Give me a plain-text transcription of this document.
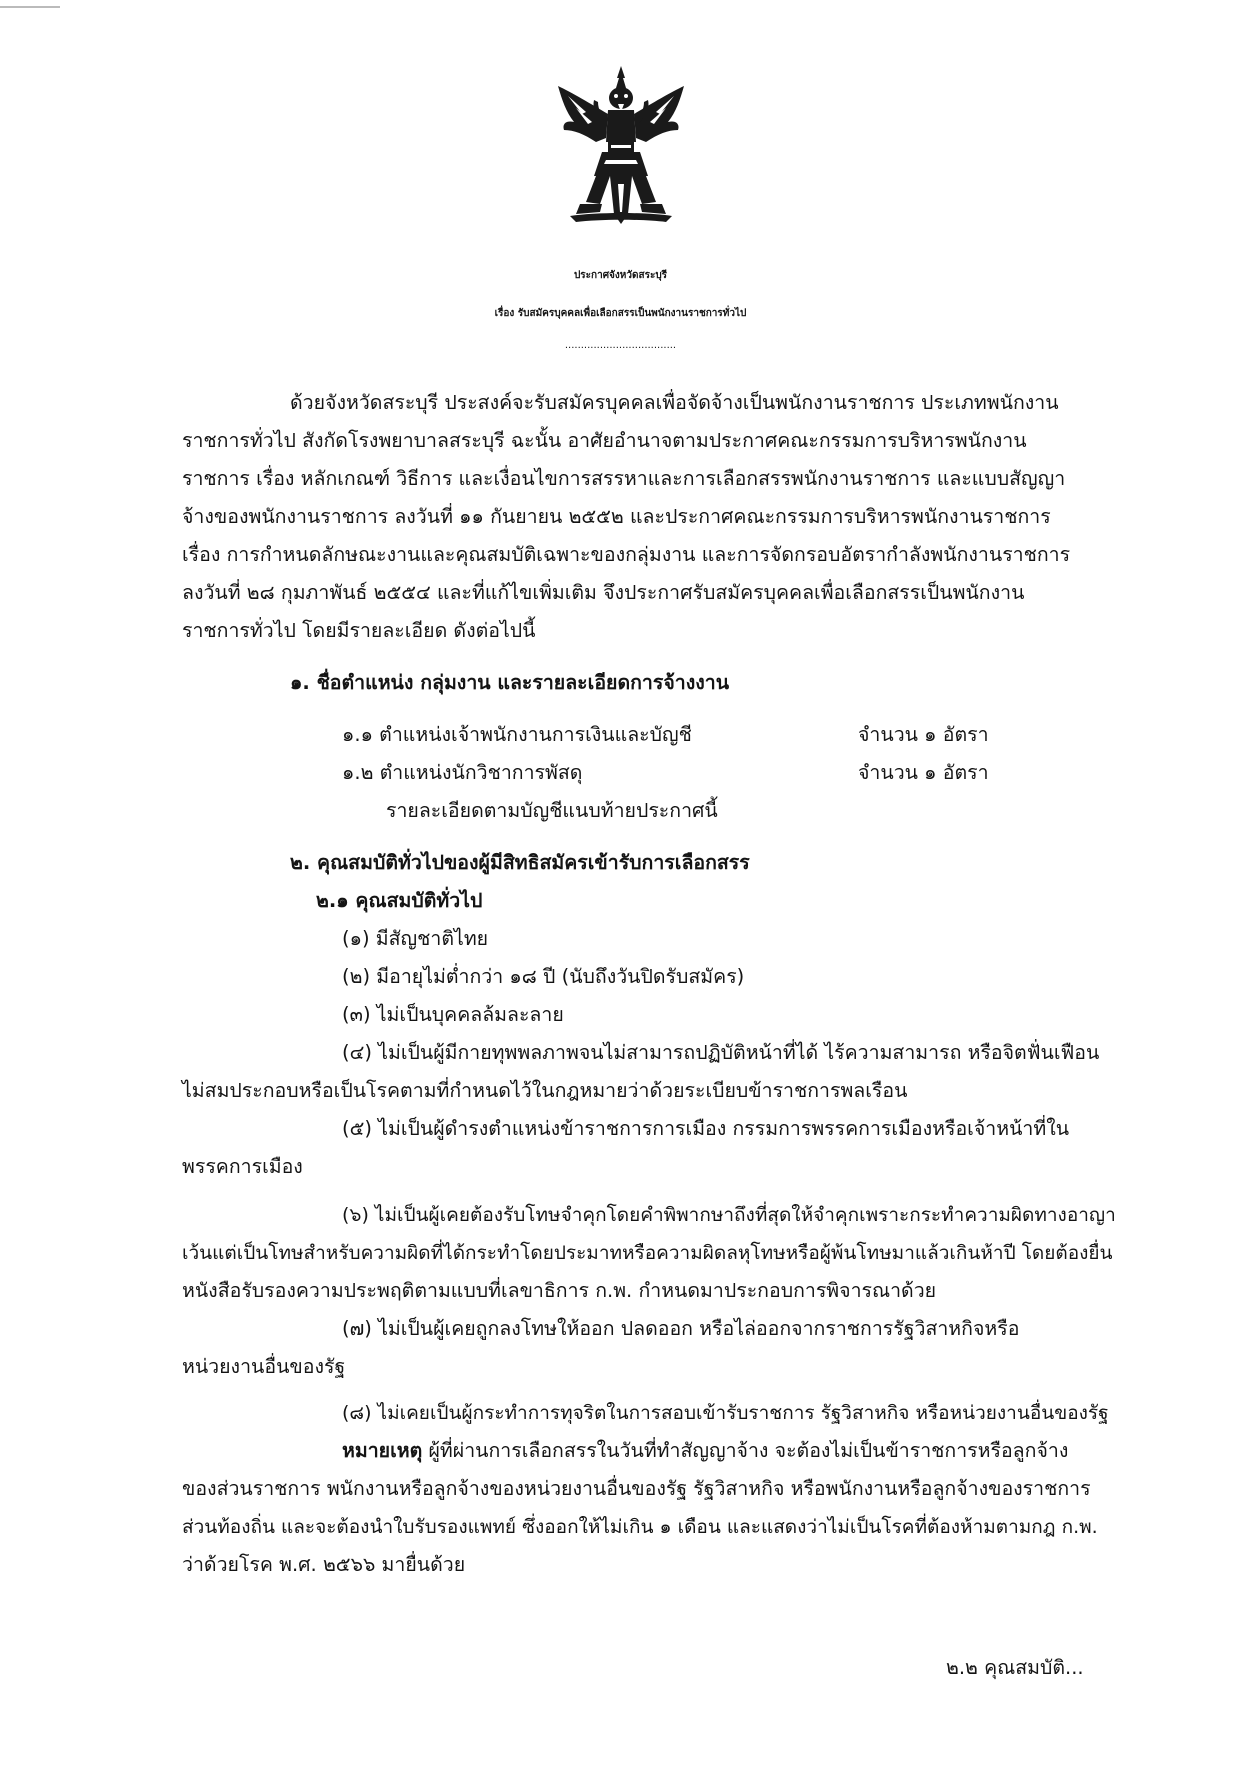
ประกาศจังหวัดสระบุรี
เรื่อง รับสมัครบุคคลเพื่อเลือกสรรเป็นพนักงานราชการทั่วไป
...................................
ด้วยจังหวัดสระบุรี ประสงค์จะรับสมัครบุคคลเพื่อจัดจ้างเป็นพนักงานราชการ ประเภทพนักงาน
ราชการทั่วไป สังกัดโรงพยาบาลสระบุรี ฉะนั้น อาศัยอำนาจตามประกาศคณะกรรมการบริหารพนักงาน
ราชการ เรื่อง หลักเกณฑ์ วิธีการ และเงื่อนไขการสรรหาและการเลือกสรรพนักงานราชการ และแบบสัญญา
จ้างของพนักงานราชการ ลงวันที่ ๑๑ กันยายน ๒๕๕๒ และประกาศคณะกรรมการบริหารพนักงานราชการ
เรื่อง การกำหนดลักษณะงานและคุณสมบัติเฉพาะของกลุ่มงาน และการจัดกรอบอัตรากำลังพนักงานราชการ
ลงวันที่ ๒๘ กุมภาพันธ์ ๒๕๕๔ และที่แก้ไขเพิ่มเติม จึงประกาศรับสมัครบุคคลเพื่อเลือกสรรเป็นพนักงาน
ราชการทั่วไป โดยมีรายละเอียด ดังต่อไปนี้
๑. ชื่อตำแหน่ง กลุ่มงาน และรายละเอียดการจ้างงาน
๑.๑ ตำแหน่งเจ้าพนักงานการเงินและบัญชี	จำนวน ๑ อัตรา
๑.๒ ตำแหน่งนักวิชาการพัสดุ	จำนวน ๑ อัตรา
รายละเอียดตามบัญชีแนบท้ายประกาศนี้
๒. คุณสมบัติทั่วไปของผู้มีสิทธิสมัครเข้ารับการเลือกสรร
๒.๑ คุณสมบัติทั่วไป
(๑) มีสัญชาติไทย
(๒) มีอายุไม่ต่ำกว่า ๑๘ ปี (นับถึงวันปิดรับสมัคร)
(๓) ไม่เป็นบุคคลล้มละลาย
(๔) ไม่เป็นผู้มีกายทุพพลภาพจนไม่สามารถปฏิบัติหน้าที่ได้ ไร้ความสามารถ หรือจิตฟั่นเฟือน
ไม่สมประกอบหรือเป็นโรคตามที่กำหนดไว้ในกฎหมายว่าด้วยระเบียบข้าราชการพลเรือน
(๕) ไม่เป็นผู้ดำรงตำแหน่งข้าราชการการเมือง กรรมการพรรคการเมืองหรือเจ้าหน้าที่ใน
พรรคการเมือง
(๖) ไม่เป็นผู้เคยต้องรับโทษจำคุกโดยคำพิพากษาถึงที่สุดให้จำคุกเพราะกระทำความผิดทางอาญา
เว้นแต่เป็นโทษสำหรับความผิดที่ได้กระทำโดยประมาทหรือความผิดลหุโทษหรือผู้พ้นโทษมาแล้วเกินห้าปี โดยต้องยื่น
หนังสือรับรองความประพฤติตามแบบที่เลขาธิการ ก.พ. กำหนดมาประกอบการพิจารณาด้วย
(๗) ไม่เป็นผู้เคยถูกลงโทษให้ออก ปลดออก หรือไล่ออกจากราชการรัฐวิสาหกิจหรือ
หน่วยงานอื่นของรัฐ
(๘) ไม่เคยเป็นผู้กระทำการทุจริตในการสอบเข้ารับราชการ รัฐวิสาหกิจ หรือหน่วยงานอื่นของรัฐ
หมายเหตุ ผู้ที่ผ่านการเลือกสรรในวันที่ทำสัญญาจ้าง จะต้องไม่เป็นข้าราชการหรือลูกจ้าง
ของส่วนราชการ พนักงานหรือลูกจ้างของหน่วยงานอื่นของรัฐ รัฐวิสาหกิจ หรือพนักงานหรือลูกจ้างของราชการ
ส่วนท้องถิ่น และจะต้องนำใบรับรองแพทย์ ซึ่งออกให้ไม่เกิน ๑ เดือน และแสดงว่าไม่เป็นโรคที่ต้องห้ามตามกฎ ก.พ.
ว่าด้วยโรค พ.ศ. ๒๕๖๖ มายื่นด้วย
๒.๒ คุณสมบัติ...
